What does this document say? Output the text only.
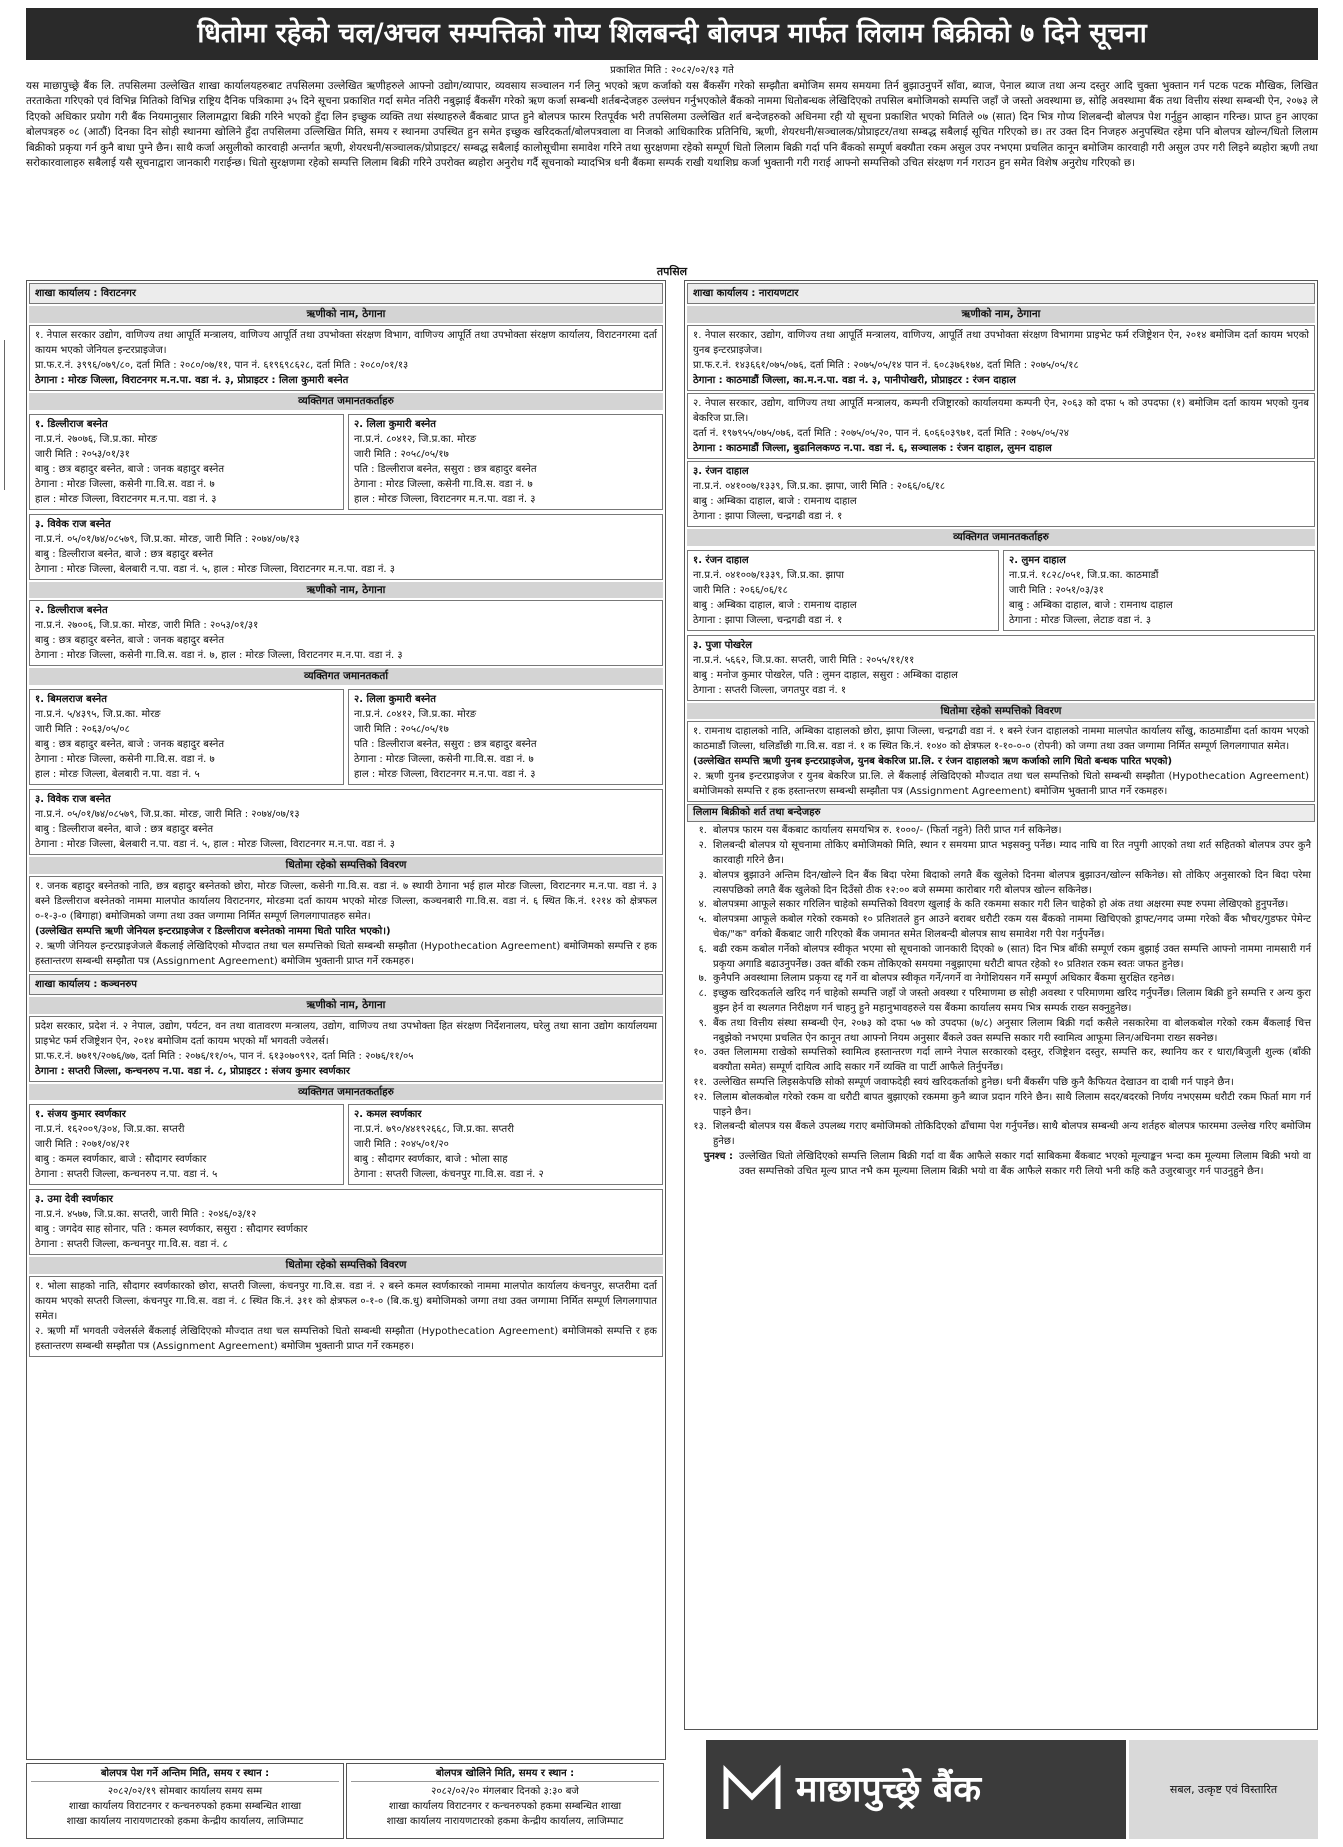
धितोमा रहेको चल/अचल सम्पत्तिको गोप्य शिलबन्दी बोलपत्र मार्फत लिलाम बिक्रीको ७ दिने सूचना
प्रकाशित मिति : २०८२/०२/१३ गते
यस माछापुच्छ्रे बैंक लि. तपसिलमा उल्लेखित शाखा कार्यालयहरुबाट तपसिलमा उल्लेखित ऋणीहरुले आफ्नो उद्योग/व्यापार, व्यवसाय सञ्चालन गर्न लिनु भएको ऋण कर्जाको यस बैंकसँग गरेको सम्झौता बमोजिम समय समयमा तिर्न बुझाउनुपर्ने साँवा, ब्याज, पेनाल ब्याज तथा अन्य दस्तुर आदि चुक्ता भुक्तान गर्न पटक पटक मौखिक, लिखित तरताकेता गरिएको एवं विभिन्न मितिको विभिन्न राष्ट्रिय दैनिक पत्रिकामा ३५ दिने सूचना प्रकाशित गर्दा समेत नतिरी नबुझाई बैंकसँग गरेको ऋण कर्जा सम्बन्धी शर्तबन्देजहरु उल्लंघन गर्नुभएकोले बैंकको नाममा धितोबन्धक लेखिदिएको तपसिल बमोजिमको सम्पत्ति जहाँ जे जस्तो अवस्थामा छ, सोहि अवस्थामा बैंक तथा वित्तीय संस्था सम्बन्धी ऐन, २०७३ ले दिएको अधिकार प्रयोग गरी बैंक नियमानुसार लिलामद्वारा बिक्री गरिने भएको हुँदा लिन इच्छुक व्यक्ति तथा संस्थाहरुले बैंकबाट प्राप्त हुने बोलपत्र फारम रितपूर्वक भरी तपसिलमा उल्लेखित शर्त बन्देजहरुको अधिनमा रही यो सूचना प्रकाशित भएको मितिले ०७ (सात) दिन भित्र गोप्य शिलबन्दी बोलपत्र पेश गर्नुहुन आव्हान गरिन्छ। प्राप्त हुन आएका बोलपत्रहरु ०८ (आठौं) दिनका दिन सोही स्थानमा खोलिने हुँदा तपसिलमा उल्लिखित मिति, समय र स्थानमा उपस्थित हुन समेत इच्छुक खरिदकर्ता/बोलपत्रवाला वा निजको आधिकारिक प्रतिनिधि, ऋणी, शेयरधनी/सञ्चालक/प्रोप्राइटर/तथा सम्बद्ध सबैलाई सूचित गरिएको छ। तर उक्त दिन निजहरु अनुपस्थित रहेमा पनि बोलपत्र खोल्न/धितो लिलाम बिक्रीको प्रकृया गर्न कुनै बाधा पुग्ने छैन। साथै कर्जा असुलीको कारवाही अन्तर्गत ऋणी, शेयरधनी/सञ्चालक/प्रोप्राइटर/ सम्बद्ध सबैलाई कालोसूचीमा समावेश गरिने तथा सुरक्षणमा रहेको सम्पूर्ण धितो लिलाम बिक्री गर्दा पनि बैंकको सम्पूर्ण बक्यौता रकम असुल उपर नभएमा प्रचलित कानून बमोजिम कारवाही गरी असुल उपर गरी लिइने ब्यहोरा ऋणी तथा सरोकारवालाहरु सबैलाई यसै सूचनाद्वारा जानकारी गराईन्छ। धितो सुरक्षणमा रहेको सम्पत्ति लिलाम बिक्री गरिने उपरोक्त ब्यहोरा अनुरोध गर्दै सूचनाको म्यादभित्र धनी बैंकमा सम्पर्क राखी यथाशिघ्र कर्जा भुक्तानी गरी गराई आफ्नो सम्पत्तिको उचित संरक्षण गर्न गराउन हुन समेत विशेष अनुरोध गरिएको छ।
तपसिल
शाखा कार्यालय : विराटनगर
ऋणीको नाम, ठेगाना
१. नेपाल सरकार उद्योग, वाणिज्य तथा आपूर्ति मन्त्रालय, वाणिज्य आपूर्ति तथा उपभोक्ता संरक्षण विभाग, वाणिज्य आपूर्ति तथा उपभोक्ता संरक्षण कार्यालय, विराटनगरमा दर्ता कायम भएको जेनियल इन्टरप्राइजेज।
प्रा.फ.र.नं. ३९९६/०७९/८०, दर्ता मिति : २०८०/०७/११, पान नं. ६१९६९८६२८, दर्ता मिति : २०८०/०१/१३
ठेगाना : मोरङ जिल्ला, विराटनगर म.न.पा. वडा नं. ३, प्रोप्राइटर : लिला कुमारी बस्नेत
व्यक्तिगत जमानतकर्ताहरु
१. डिल्लीराज बस्नेत
ना.प्र.नं. २७०७६, जि.प्र.का. मोरङ
जारी मिति : २०५३/०१/३१
बाबु : छत्र बहादुर बस्नेत, बाजे : जनक बहादुर बस्नेत
ठेगाना : मोरङ जिल्ला, कसेनी गा.वि.स. वडा नं. ७
हाल : मोरङ जिल्ला, विराटनगर म.न.पा. वडा नं. ३
२. लिला कुमारी बस्नेत
ना.प्र.नं. ८०४१२, जि.प्र.का. मोरङ
जारी मिति : २०५८/०५/१७
पति : डिल्लीराज बस्नेत, ससुरा : छत्र बहादुर बस्नेत
ठेगाना : मोरड जिल्ला, कसेनी गा.वि.स. वडा नं. ७
हाल : मोरङ जिल्ला, विराटनगर म.न.पा. वडा नं. ३
३. विवेक राज बस्नेत
ना.प्र.नं. ०५/०१/७४/०८५७९, जि.प्र.का. मोरङ, जारी मिति : २०७४/०७/१३
बाबु : डिल्लीराज बस्नेत, बाजे : छत्र बहादुर बस्नेत
ठेगाना : मोरङ जिल्ला, बेलबारी न.पा. वडा नं. ५, हाल : मोरङ जिल्ला, विराटनगर म.न.पा. वडा नं. ३
ऋणीको नाम, ठेगाना
२. डिल्लीराज बस्नेत
ना.प्र.नं. २७००६, जि.प्र.का. मोरङ, जारी मिति : २०५३/०१/३१
बाबु : छत्र बहादुर बस्नेत, बाजे : जनक बहादुर बस्नेत
ठेगाना : मोरङ जिल्ला, कसेनी गा.वि.स. वडा नं. ७, हाल : मोरङ जिल्ला, विराटनगर म.न.पा. वडा नं. ३
व्यक्तिगत जमानतकर्ता
१. बिमलराज बस्नेत
ना.प्र.नं. ५/४३९५, जि.प्र.का. मोरङ
जारी मिति : २०६३/०५/०८
बाबु : छत्र बहादुर बस्नेत, बाजे : जनक बहादुर बस्नेत
ठेगाना : मोरङ जिल्ला, कसेनी गा.वि.स. वडा नं. ७
हाल : मोरङ जिल्ला, बेलबारी न.पा. वडा नं. ५
२. लिला कुमारी बस्नेत
ना.प्र.नं. ८०४१२, जि.प्र.का. मोरङ
जारी मिति : २०५८/०५/१७
पति : डिल्लीराज बस्नेत, ससुरा : छत्र बहादुर बस्नेत
ठेगाना : मोरङ जिल्ला, कसेनी गा.वि.स. वडा नं. ७
हाल : मोरङ जिल्ला, विराटनगर म.न.पा. वडा नं. ३
३. विवेक राज बस्नेत
ना.प्र.नं. ०५/०१/७४/०८५७९, जि.प्र.का. मोरङ, जारी मिति : २०७४/०७/१३
बाबु : डिल्लीराज बस्नेत, बाजे : छत्र बहादुर बस्नेत
ठेगाना : मोरङ जिल्ला, बेलबारी न.पा. वडा नं. ५, हाल : मोरङ जिल्ला, विराटनगर म.न.पा. वडा नं. ३
धितोमा रहेको सम्पत्तिको विवरण
१. जनक बहादुर बस्नेतको नाति, छत्र बहादुर बस्नेतको छोरा, मोरङ जिल्ला, कसेनी गा.वि.स. वडा नं. ७ स्थायी ठेगाना भई हाल मोरङ जिल्ला, विराटनगर म.न.पा. वडा नं. ३ बस्ने डिल्लीराज बस्नेतको नाममा मालपोत कार्यालय विराटनगर, मोरङमा दर्ता कायम भएको मोरङ जिल्ला, कञ्चनबारी गा.वि.स. वडा नं. ६ स्थित कि.नं. १२१४ को क्षेत्रफल ०-१-३-० (बिगाहा) बमोजिमको जग्गा तथा उक्त जग्गामा निर्मित सम्पूर्ण लिगलगापातहरु समेत।
(उल्लेखित सम्पत्ति ऋणी जेनियल इन्टरप्राइजेज र डिल्लीराज बस्नेतको नाममा धितो पारित भएको।)
२. ऋणी जेनियल इन्टरप्राइजेजले बैंकलाई लेखिदिएको मौज्दात तथा चल सम्पत्तिको धितो सम्बन्धी सम्झौता (Hypothecation Agreement) बमोजिमको सम्पत्ति र हक हस्तान्तरण सम्बन्धी सम्झौता पत्र (Assignment Agreement) बमोजिम भुक्तानी प्राप्त गर्ने रकमहरु।
शाखा कार्यालय : कञ्चनरुप
ऋणीको नाम, ठेगाना
प्रदेश सरकार, प्रदेश नं. २ नेपाल, उद्योग, पर्यटन, वन तथा वातावरण मन्त्रालय, उद्योग, वाणिज्य तथा उपभोक्ता हित संरक्षण निर्देशनालय, घरेलु तथा साना उद्योग कार्यालयमा प्राइभेट फर्म रजिष्ट्रेशन ऐन, २०१४ बमोजिम दर्ता कायम भएको माँ भगवती ज्वेलर्स।
प्रा.फ.र.नं. ७७१९/२०७६/७७, दर्ता मिति : २०७६/११/०५, पान नं. ६१३०७०९९२, दर्ता मिति : २०७६/११/०५
ठेगाना : सप्तरी जिल्ला, कन्चनरुप न.पा. वडा नं. ८, प्रोप्राइटर : संजय कुमार स्वर्णकार
व्यक्तिगत जमानतकर्ताहरु
१. संजय कुमार स्वर्णकार
ना.प्र.नं. १६२००९/३०४, जि.प्र.का. सप्तरी
जारी मिति : २०७१/०४/२१
बाबु : कमल स्वर्णकार, बाजे : सौदागर स्वर्णकार
ठेगाना : सप्तरी जिल्ला, कन्चनरुप न.पा. वडा नं. ५
२. कमल स्वर्णकार
ना.प्र.नं. ७९०/४४१९२६६८, जि.प्र.का. सप्तरी
जारी मिति : २०४५/०१/२०
बाबु : सौदागर स्वर्णकार, बाजे : भोला साह
ठेगाना : सप्तरी जिल्ला, कंचनपुर गा.वि.स. वडा नं. २
३. उमा देवी स्वर्णकार
ना.प्र.नं. ४५७७, जि.प्र.का. सप्तरी, जारी मिति : २०४६/०३/१२
बाबु : जगदेव साह सोनार, पति : कमल स्वर्णकार, ससुरा : सौदागर स्वर्णकार
ठेगाना : सप्तरी जिल्ला, कन्चनपुर गा.वि.स. वडा नं. ८
धितोमा रहेको सम्पत्तिको विवरण
१. भोला साहको नाति, सौदागर स्वर्णकारको छोरा, सप्तरी जिल्ला, कंचनपुर गा.वि.स. वडा नं. २ बस्ने कमल स्वर्णकारको नाममा मालपोत कार्यालय कंचनपुर, सप्तरीमा दर्ता कायम भएको सप्तरी जिल्ला, कंचनपुर गा.वि.स. वडा नं. ८ स्थित कि.नं. ३११ को क्षेत्रफल ०-१-० (बि.क.धु) बमोजिमको जग्गा तथा उक्त जग्गामा निर्मित सम्पूर्ण लिगलगापात समेत।
२. ऋणी माँ भगवती ज्वेलर्सले बैंकलाई लेखिदिएको मौज्दात तथा चल सम्पत्तिको धितो सम्बन्धी सम्झौता (Hypothecation Agreement) बमोजिमको सम्पत्ति र हक हस्तान्तरण सम्बन्धी सम्झौता पत्र (Assignment Agreement) बमोजिम भुक्तानी प्राप्त गर्ने रकमहरु।
शाखा कार्यालय : नारायणटार
ऋणीको नाम, ठेगाना
१. नेपाल सरकार, उद्योग, वाणिज्य तथा आपूर्ति मन्त्रालय, वाणिज्य, आपूर्ति तथा उपभोक्ता संरक्षण विभागमा प्राइभेट फर्म रजिष्ट्रेशन ऐन, २०१४ बमोजिम दर्ता कायम भएको युनब इन्टरप्राइजेज।
प्रा.फ.र.नं. १४३६६१/०७५/०७६, दर्ता मिति : २०७५/०५/१४ पान नं. ६०८३७६१७४, दर्ता मिति : २०७५/०५/१८
ठेगाना : काठमाडौं जिल्ला, का.म.न.पा. वडा नं. ३, पानीपोखरी, प्रोप्राइटर : रंजन दाहाल
२. नेपाल सरकार, उद्योग, वाणिज्य तथा आपूर्ति मन्त्रालय, कम्पनी रजिष्ट्रारको कार्यालयमा कम्पनी ऐन, २०६३ को दफा ५ को उपदफा (१) बमोजिम दर्ता कायम भएको युनब बेकरिज प्रा.लि।
दर्ता नं. १९७९५५/०७५/०७६, दर्ता मिति : २०७५/०५/२०, पान नं. ६०६६०३९७१, दर्ता मिति : २०७५/०५/२४
ठेगाना : काठमाडौं जिल्ला, बुढानिलकण्ठ न.पा. वडा नं. ६, सञ्चालक : रंजन दाहाल, लुमन दाहाल
३. रंजन दाहाल
ना.प्र.नं. ०४१००७/१३३९, जि.प्र.का. झापा, जारी मिति : २०६६/०६/१८
बाबु : अम्बिका दाहाल, बाजे : रामनाथ दाहाल
ठेगाना : झापा जिल्ला, चन्द्रगढी वडा नं. १
व्यक्तिगत जमानतकर्ताहरु
१. रंजन दाहाल
ना.प्र.नं. ०४१००७/१३३९, जि.प्र.का. झापा
जारी मिति : २०६६/०६/१८
बाबु : अम्बिका दाहाल, बाजे : रामनाथ दाहाल
ठेगाना : झापा जिल्ला, चन्द्रगढी वडा नं. १
२. लुमन दाहाल
ना.प्र.नं. १८२८/०५१, जि.प्र.का. काठमाडौं
जारी मिति : २०५१/०३/३१
बाबु : अम्बिका दाहाल, बाजे : रामनाथ दाहाल
ठेगाना : मोरङ जिल्ला, लेटाङ वडा नं. ३
३. पुजा पोखरेल
ना.प्र.नं. ५६६२, जि.प्र.का. सप्तरी, जारी मिति : २०५५/११/११
बाबु : मनोज कुमार पोखरेल, पति : लुमन दाहाल, ससुरा : अम्बिका दाहाल
ठेगाना : सप्तरी जिल्ला, जगतपुर वडा नं. १
धितोमा रहेको सम्पत्तिको विवरण
१. रामनाथ दाहालको नाति, अम्बिका दाहालको छोरा, झापा जिल्ला, चन्द्रगढी वडा नं. १ बस्ने रंजन दाहालको नाममा मालपोत कार्यालय साँखु, काठमाडौंमा दर्ता कायम भएको काठमाडौं जिल्ला, थलिडाँछी गा.वि.स. वडा नं. १ क स्थित कि.नं. १०४० को क्षेत्रफल १-१०-०-० (रोपनी) को जग्गा तथा उक्त जग्गामा निर्मित सम्पूर्ण लिगलगापात समेत।
(उल्लेखित सम्पत्ति ऋणी युनब इन्टरप्राइजेज, युनब बेकरिज प्रा.लि. र रंजन दाहालको ऋण कर्जाको लागि धितो बन्धक पारित भएको)
२. ऋणी युनब इन्टरप्राइजेज र युनब बेकरिज प्रा.लि. ले बैंकलाई लेखिदिएको मौज्दात तथा चल सम्पत्तिको धितो सम्बन्धी सम्झौता (Hypothecation Agreement) बमोजिमको सम्पत्ति र हक हस्तान्तरण सम्बन्धी सम्झौता पत्र (Assignment Agreement) बमोजिम भुक्तानी प्राप्त गर्ने रकमहरु।
लिलाम बिक्रीको शर्त तथा बन्देजहरु
१. बोलपत्र फारम यस बैंकबाट कार्यालय समयभित्र रु. १०००/- (फिर्ता नहुने) तिरी प्राप्त गर्न सकिनेछ।
२. शिलबन्दी बोलपत्र यो सूचनामा तोकिए बमोजिमको मिति, स्थान र समयमा प्राप्त भइसक्नु पर्नेछ। म्याद नाघि वा रित नपुगी आएको तथा शर्त सहितको बोलपत्र उपर कुनै कारवाही गरिने छैन।
३. बोलपत्र बुझाउने अन्तिम दिन/खोल्ने दिन बैंक बिदा परेमा बिदाको लगतै बैंक खुलेको दिनमा बोलपत्र बुझाउन/खोल्न सकिनेछ। सो तोकिए अनुसारको दिन बिदा परेमा त्यसपछिको लगतै बैंक खुलेको दिन दिउँसो ठीक १२:०० बजे सम्ममा कारोबार गरी बोलपत्र खोल्न सकिनेछ।
४. बोलपत्रमा आफूले सकार गरिलिन चाहेको सम्पत्तिको विवरण खुलाई के कति रकममा सकार गरी लिन चाहेको हो अंक तथा अक्षरमा स्पष्ट रुपमा लेखिएको हुनुपर्नेछ।
५. बोलपत्रमा आफूले कबोल गरेको रकमको १० प्रतिशतले हुन आउने बराबर धरौटी रकम यस बैंकको नाममा खिचिएको ड्राफ्ट/नगद जम्मा गरेको बैंक भौचर/गुडफर पेमेन्ट चेक/"क" वर्गको बैंकबाट जारी गरिएको बैंक जमानत समेत शिलबन्दी बोलपत्र साथ समावेश गरी पेश गर्नुपर्नेछ।
६. बढी रकम कबोल गर्नेको बोलपत्र स्वीकृत भएमा सो सूचनाको जानकारी दिएको ७ (सात) दिन भित्र बाँकी सम्पूर्ण रकम बुझाई उक्त सम्पत्ति आफ्नो नाममा नामसारी गर्न प्रकृया अगाडि बढाउनुपर्नेछ। उक्त बाँकी रकम तोकिएको समयमा नबुझाएमा धरौटी बापत रहेको १० प्रतिशत रकम स्वतः जफत हुनेछ।
७. कुनैपनि अवस्थामा लिलाम प्रकृया रद्द गर्ने वा बोलपत्र स्वीकृत गर्ने/नगर्ने वा नेगोशियसन गर्ने सम्पूर्ण अधिकार बैंकमा सुरक्षित रहनेछ।
८. इच्छुक खरिदकर्ताले खरिद गर्न चाहेको सम्पत्ति जहाँ जे जस्तो अवस्था र परिमाणमा छ सोही अवस्था र परिमाणमा खरिद गर्नुपर्नेछ। लिलाम बिक्री हुने सम्पत्ति र अन्य कुरा बुझ्न हेर्न वा स्थलगत निरीक्षण गर्न चाहनु हुने महानुभावहरुले यस बैंकमा कार्यालय समय भित्र सम्पर्क राख्न सक्नुहुनेछ।
९. बैंक तथा वित्तीय संस्था सम्बन्धी ऐन, २०७३ को दफा ५७ को उपदफा (७/८) अनुसार लिलाम बिक्री गर्दा कसैले नसकारेमा वा बोलकबोल गरेको रकम बैंकलाई चित्त नबुझेको नभएमा प्रचलित ऐन कानून तथा आफ्नो नियम अनुसार बैंकले उक्त सम्पत्ति सकार गरी स्वामित्व आफूमा लिन/अधिनमा राख्न सक्नेछ।
१०. उक्त लिलाममा राखेको सम्पत्तिको स्वामित्व हस्तान्तरण गर्दा लाग्ने नेपाल सरकारको दस्तुर, रजिष्ट्रेशन दस्तुर, सम्पत्ति कर, स्थानिय कर र धारा/बिजुली शुल्क (बाँकी बक्यौता समेत) सम्पूर्ण दायित्व आदि सकार गर्ने व्यक्ति वा पार्टी आफैले तिर्नुपर्नेछ।
११. उल्लेखित सम्पत्ति लिइसकेपछि सोको सम्पूर्ण जवाफदेही स्वयं खरिदकर्ताको हुनेछ। धनी बैंकसँग पछि कुनै कैफियत देखाउन वा दाबी गर्न पाइने छैन।
१२. लिलाम बोलकबोल गरेको रकम वा धरौटी बापत बुझाएको रकममा कुनै ब्याज प्रदान गरिने छैन। साथै लिलाम सदर/बदरको निर्णय नभएसम्म धरौटी रकम फिर्ता माग गर्न पाइने छैन।
१३. शिलबन्दी बोलपत्र यस बैंकले उपलब्ध गराए बमोजिमको तोकिदिएको ढाँचामा पेश गर्नुपर्नेछ। साथै बोलपत्र सम्बन्धी अन्य शर्तहरु बोलपत्र फारममा उल्लेख गरिए बमोजिम हुनेछ।
पुनश्च : उल्लेखित धितो लेखिदिएको सम्पत्ति लिलाम बिक्री गर्दा वा बैंक आफैले सकार गर्दा साबिकमा बैंकबाट भएको मूल्याङ्कन भन्दा कम मूल्यमा लिलाम बिक्री भयो वा उक्त सम्पत्तिको उचित मूल्य प्राप्त नभै कम मूल्यमा लिलाम बिक्री भयो वा बैंक आफैले सकार गरी लियो भनी कहि कतै उजुरबाजुर गर्न पाउनुहुने छैन।
बोलपत्र पेश गर्ने अन्तिम मिति, समय र स्थान :
२०८२/०२/१९ सोमबार कार्यालय समय सम्म
शाखा कार्यालय विराटनगर र कन्चनरुपको हकमा सम्बन्धित शाखा
शाखा कार्यालय नारायणटारको हकमा केन्द्रीय कार्यालय, लाजिम्पाट
बोलपत्र खोलिने मिति, समय र स्थान :
२०८२/०२/२० मंगलबार दिनको ३:३० बजे
शाखा कार्यालय विराटनगर र कन्चनरुपको हकमा सम्बन्धित शाखा
शाखा कार्यालय नारायणटारको हकमा केन्द्रीय कार्यालय, लाजिम्पाट
माछापुच्छ्रे बैंक	सबल, उत्कृष्ट एवं विस्तारित
